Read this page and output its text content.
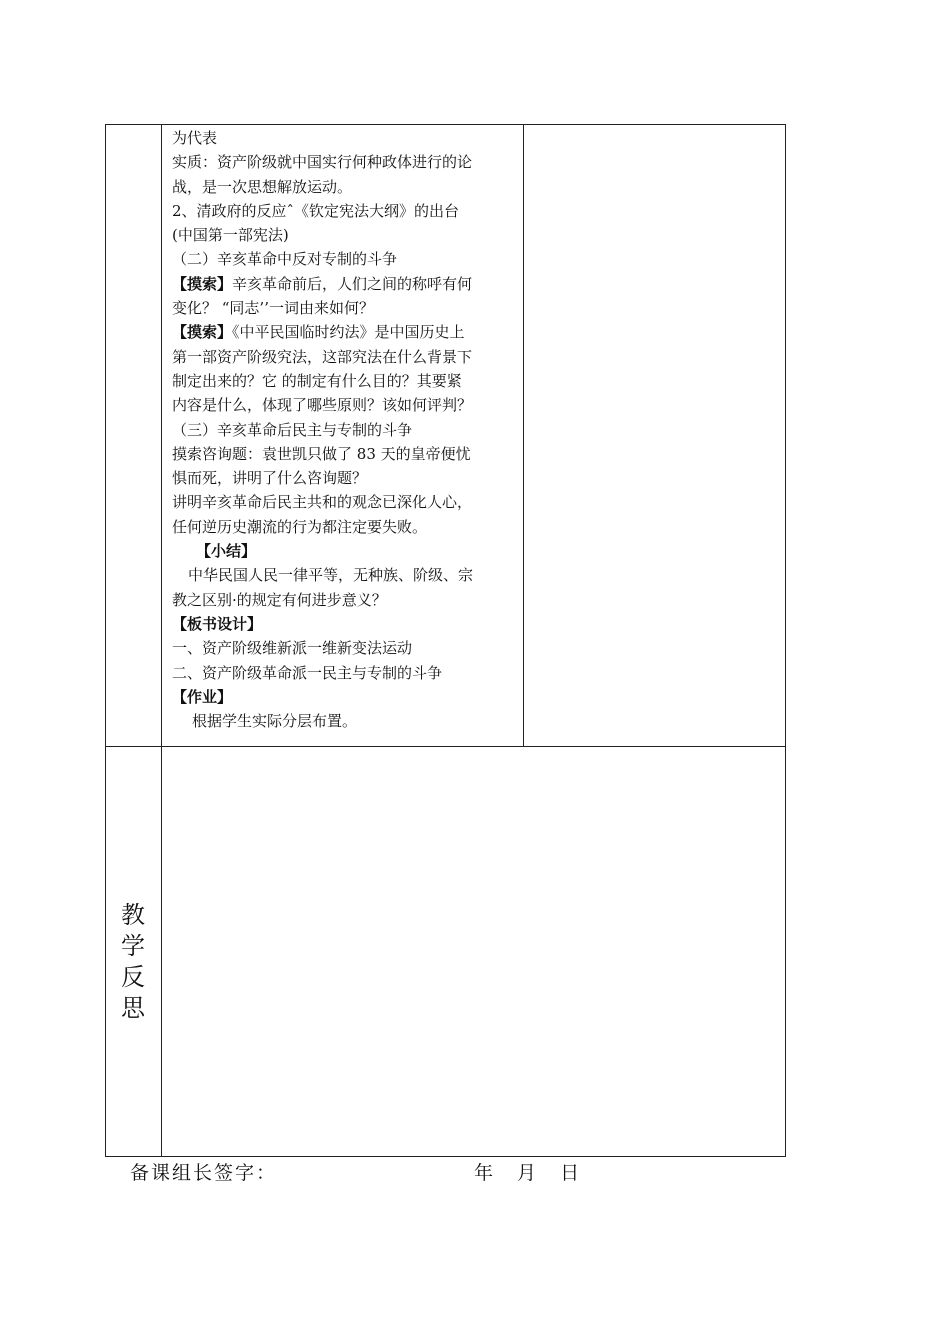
为代表
实质：资产阶级就中国实行何种政体进行的论
战，是一次思想解放运动。
2、清政府的反应ˆ《钦定宪法大纲》的出台
(中国第一部宪法)
（二）辛亥革命中反对专制的斗争
【摸索】辛亥革命前后，人们之间的称呼有何
变化？ “同志’’一词由来如何？
【摸索】《中平民国临时约法》是中国历史上
第一部资产阶级究法，这部究法在什么背景下
制定出来的？它 的制定有什么目的？其要紧
内容是什么，体现了哪些原则？该如何评判？
（三）辛亥革命后民主与专制的斗争
摸索咨询题：袁世凯只做了 83 天的皇帝便忧
惧而死，讲明了什么咨询题？
讲明辛亥革命后民主共和的观念已深化人心，
任何逆历史潮流的行为都注定要失败。
【小结】
中华民国人民一律平等，无种族、阶级、宗
教之区别·的规定有何进步意义？
【板书设计】
一、资产阶级维新派一维新变法运动
二、资产阶级革命派一民主与专制的斗争
【作业】
根据学生实际分层布置。
教
学
反
思
备课组长签字：	年 月 日
